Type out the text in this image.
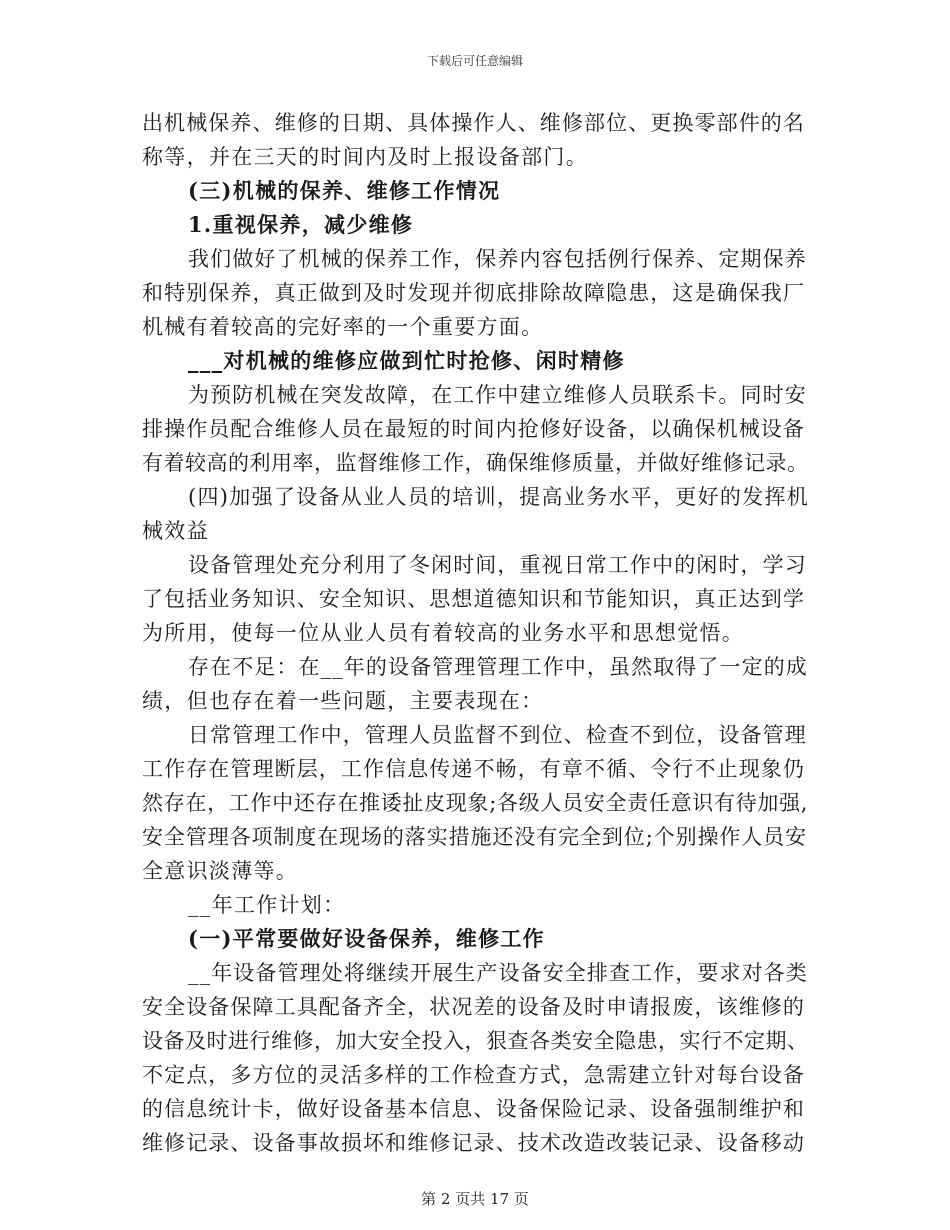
下载后可任意编辑
出机械保养、维修的日期、具体操作人、维修部位、更换零部件的名
称等，并在三天的时间内及时上报设备部门。
(三)机械的保养、维修工作情况
1.重视保养，减少维修
我们做好了机械的保养工作，保养内容包括例行保养、定期保养
和特别保养，真正做到及时发现并彻底排除故障隐患，这是确保我厂
机械有着较高的完好率的一个重要方面。
___对机械的维修应做到忙时抢修、闲时精修
为预防机械在突发故障，在工作中建立维修人员联系卡。同时安
排操作员配合维修人员在最短的时间内抢修好设备，以确保机械设备
有着较高的利用率，监督维修工作，确保维修质量，并做好维修记录。
(四)加强了设备从业人员的培训，提高业务水平，更好的发挥机
械效益
设备管理处充分利用了冬闲时间，重视日常工作中的闲时，学习
了包括业务知识、安全知识、思想道德知识和节能知识，真正达到学
为所用，使每一位从业人员有着较高的业务水平和思想觉悟。
存在不足：在__年的设备管理管理工作中，虽然取得了一定的成
绩，但也存在着一些问题，主要表现在：
日常管理工作中，管理人员监督不到位、检查不到位，设备管理
工作存在管理断层，工作信息传递不畅，有章不循、令行不止现象仍
然存在，工作中还存在推诿扯皮现象;各级人员安全责任意识有待加强,
安全管理各项制度在现场的落实措施还没有完全到位;个别操作人员安
全意识淡薄等。
__年工作计划：
(一)平常要做好设备保养，维修工作
__年设备管理处将继续开展生产设备安全排查工作，要求对各类
安全设备保障工具配备齐全，状况差的设备及时申请报废，该维修的
设备及时进行维修，加大安全投入，狠查各类安全隐患，实行不定期、
不定点，多方位的灵活多样的工作检查方式，急需建立针对每台设备
的信息统计卡，做好设备基本信息、设备保险记录、设备强制维护和
维修记录、设备事故损坏和维修记录、技术改造改装记录、设备移动
第 2 页共 17 页
